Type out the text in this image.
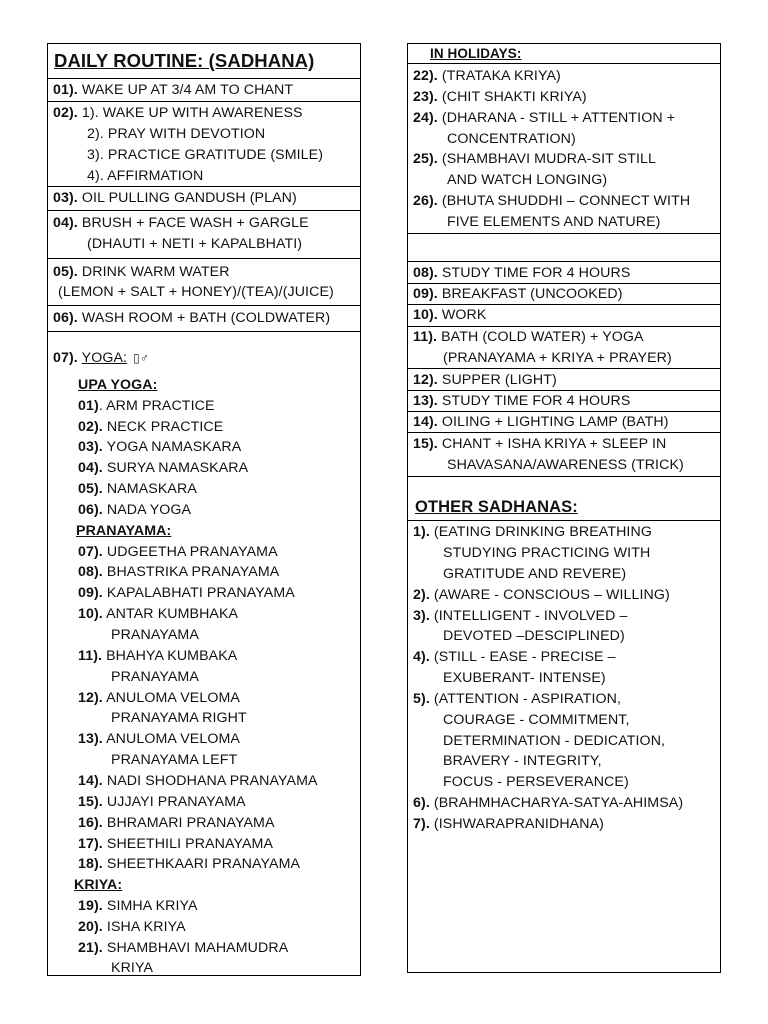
DAILY ROUTINE: (SADHANA)
01). WAKE UP AT 3/4 AM TO CHANT
02). 1). WAKE UP WITH AWARENESS
2). PRAY WITH DEVOTION
3). PRACTICE GRATITUDE (SMILE)
4). AFFIRMATION
03). OIL PULLING GANDUSH (PLAN)
04). BRUSH + FACE WASH + GARGLE
(DHAUTI + NETI + KAPALBHATI)
05). DRINK WARM WATER
(LEMON + SALT + HONEY)/(TEA)/(JUICE)
06). WASH ROOM + BATH (COLDWATER)
07). YOGA: ▯♂
UPA YOGA:
01). ARM PRACTICE
02). NECK PRACTICE
03). YOGA NAMASKARA
04). SURYA NAMASKARA
05). NAMASKARA
06). NADA YOGA
PRANAYAMA:
07). UDGEETHA PRANAYAMA
08). BHASTRIKA PRANAYAMA
09). KAPALABHATI PRANAYAMA
10). ANTAR KUMBHAKA
PRANAYAMA
11). BHAHYA KUMBAKA
PRANAYAMA
12). ANULOMA VELOMA
PRANAYAMA RIGHT
13). ANULOMA VELOMA
PRANAYAMA LEFT
14). NADI SHODHANA PRANAYAMA
15). UJJAYI PRANAYAMA
16). BHRAMARI PRANAYAMA
17). SHEETHILI PRANAYAMA
18). SHEETHKAARI PRANAYAMA
KRIYA:
19). SIMHA KRIYA
20). ISHA KRIYA
21). SHAMBHAVI MAHAMUDRA
KRIYA
IN HOLIDAYS:
22). (TRATAKA KRIYA)
23). (CHIT SHAKTI KRIYA)
24). (DHARANA - STILL + ATTENTION +
CONCENTRATION)
25). (SHAMBHAVI MUDRA-SIT STILL
AND WATCH LONGING)
26). (BHUTA SHUDDHI – CONNECT WITH
FIVE ELEMENTS AND NATURE)
08). STUDY TIME FOR 4 HOURS
09). BREAKFAST (UNCOOKED)
10). WORK
11). BATH (COLD WATER) + YOGA
(PRANAYAMA + KRIYA + PRAYER)
12). SUPPER (LIGHT)
13). STUDY TIME FOR 4 HOURS
14). OILING + LIGHTING LAMP (BATH)
15). CHANT + ISHA KRIYA + SLEEP IN
SHAVASANA/AWARENESS (TRICK)
OTHER SADHANAS:
1). (EATING DRINKING BREATHING
STUDYING PRACTICING WITH
GRATITUDE AND REVERE)
2). (AWARE - CONSCIOUS – WILLING)
3). (INTELLIGENT - INVOLVED –
DEVOTED –DESCIPLINED)
4). (STILL - EASE - PRECISE –
EXUBERANT- INTENSE)
5). (ATTENTION - ASPIRATION,
COURAGE - COMMITMENT,
DETERMINATION - DEDICATION,
BRAVERY - INTEGRITY,
FOCUS - PERSEVERANCE)
6). (BRAHMHACHARYA-SATYA-AHIMSA)
7). (ISHWARAPRANIDHANA)
